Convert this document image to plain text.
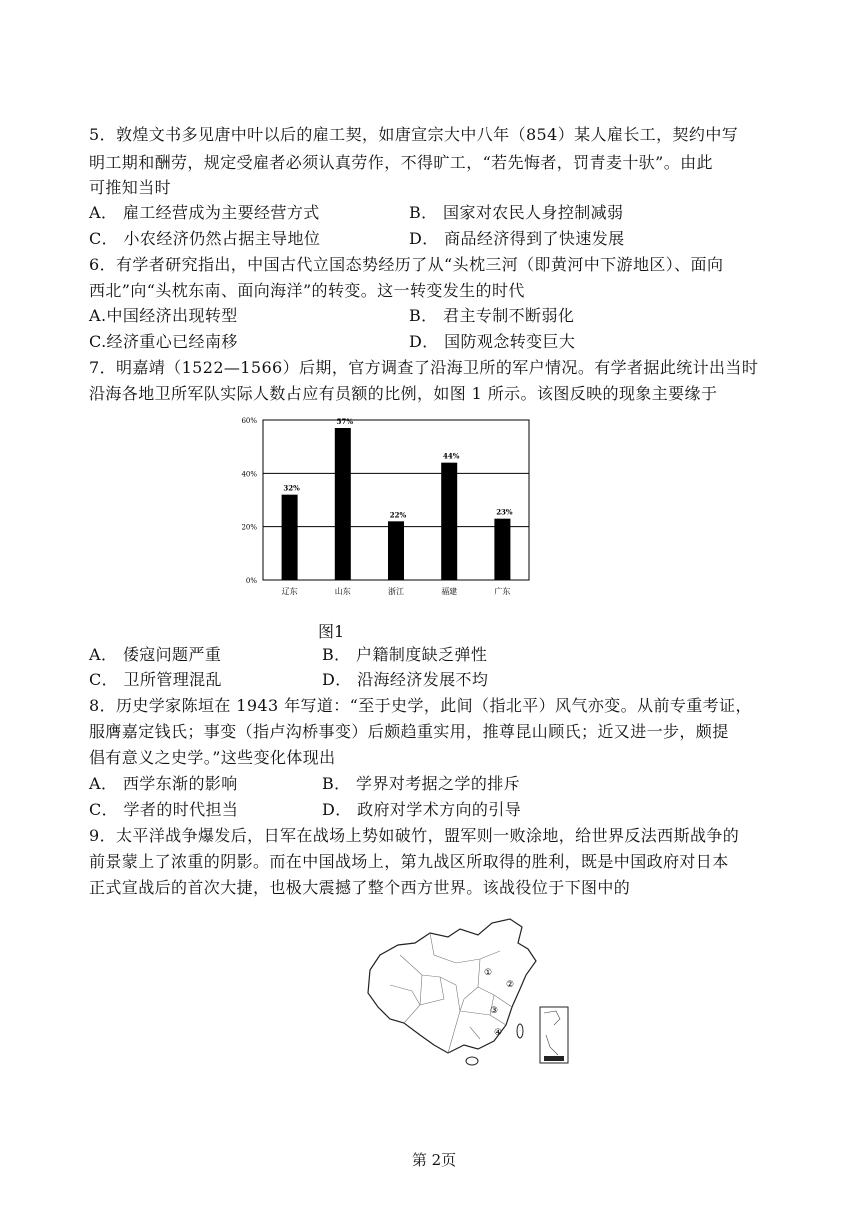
5．敦煌文书多见唐中叶以后的雇工契，如唐宣宗大中八年（854）某人雇长工，契约中写
明工期和酬劳，规定受雇者必须认真劳作，不得旷工，“若先悔者，罚青麦十驮”。由此
可推知当时
A． 雇工经营成为主要经营方式	B． 国家对农民人身控制减弱
C． 小农经济仍然占据主导地位	D． 商品经济得到了快速发展
6．有学者研究指出，中国古代立国态势经历了从“头枕三河（即黄河中下游地区）、面向
西北”向“头枕东南、面向海洋”的转变。这一转变发生的时代
A.中国经济出现转型	B． 君主专制不断弱化
C.经济重心已经南移	D． 国防观念转变巨大
7．明嘉靖（1522—1566）后期，官方调查了沿海卫所的军户情况。有学者据此统计出当时
沿海各地卫所军队实际人数占应有员额的比例，如图 1 所示。该图反映的现象主要缘于
0%
20%
40%
60%
32%
辽东
57%
山东
22%
浙江
44%
福建
23%
广东
图1
A． 倭寇问题严重	B． 户籍制度缺乏弹性
C． 卫所管理混乱	D． 沿海经济发展不均
8．历史学家陈垣在 1943 年写道：“至于史学，此间（指北平）风气亦变。从前专重考证，
服膺嘉定钱氏；事变（指卢沟桥事变）后颇趋重实用，推尊昆山顾氏；近又进一步，颇提
倡有意义之史学。”这些变化体现出
A． 西学东渐的影响	B． 学界对考据之学的排斥
C． 学者的时代担当	D． 政府对学术方向的引导
9．太平洋战争爆发后，日军在战场上势如破竹，盟军则一败涂地，给世界反法西斯战争的
前景蒙上了浓重的阴影。而在中国战场上，第九战区所取得的胜利，既是中国政府对日本
正式宣战后的首次大捷，也极大震撼了整个西方世界。该战役位于下图中的
①
②
③
④
第 2页
